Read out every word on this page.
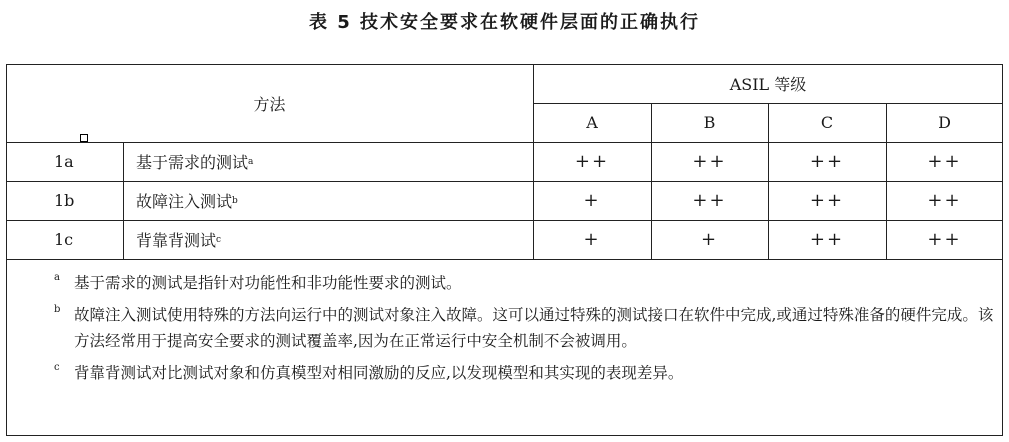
表 5 技术安全要求在软硬件层面的正确执行
方法
ASIL 等级
A	B	C	D
1a	基于需求的测试 a	++	++	++	++
1b	故障注入测试 b	+	++	++	++
1c	背靠背测试 c	+	+	++	++
a 基于需求的测试是指针对功能性和非功能性要求的测试。
b 故障注入测试使用特殊的方法向运行中的测试对象注入故障。这可以通过特殊的测试接口在软件中完成,或通过特殊准备的硬件完成。该方法经常用于提高安全要求的测试覆盖率,因为在正常运行中安全机制不会被调用。
c 背靠背测试对比测试对象和仿真模型对相同激励的反应,以发现模型和其实现的表现差异。
